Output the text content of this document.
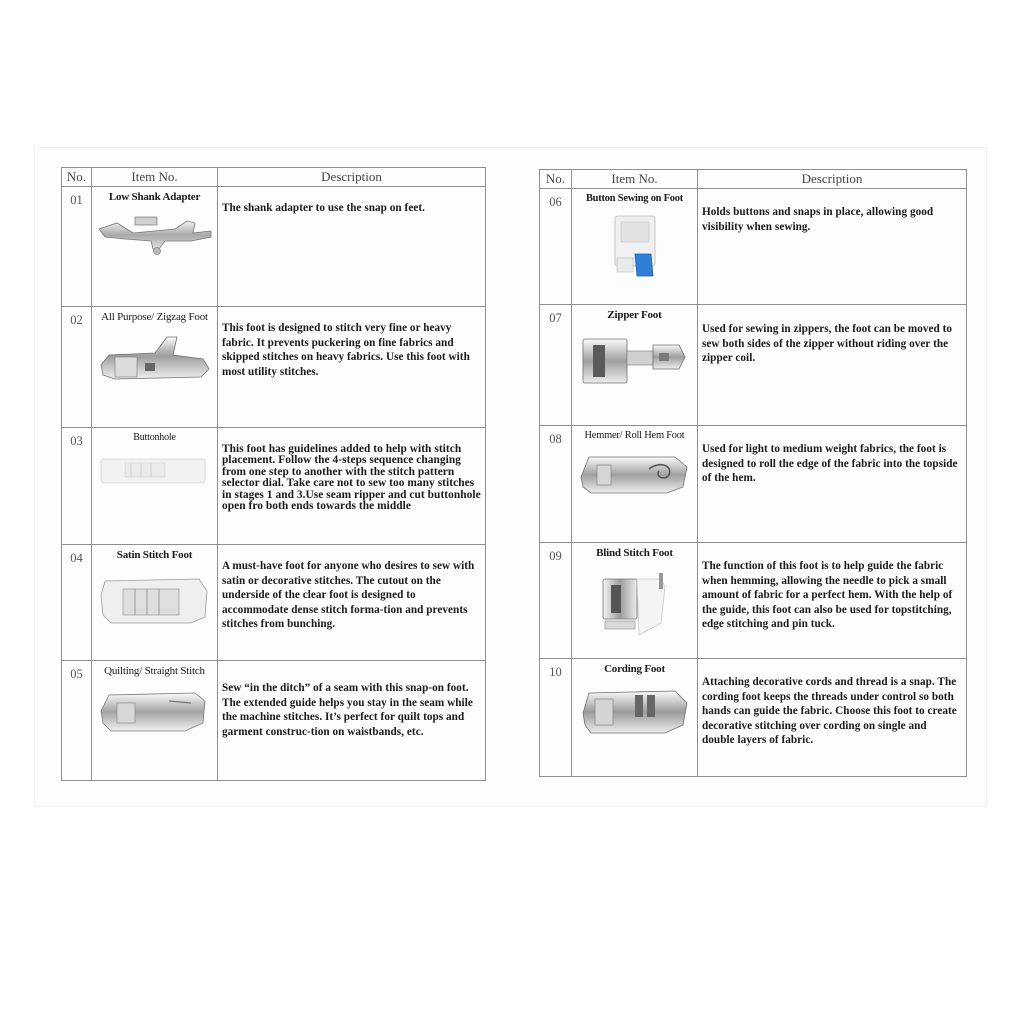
No.	Item No.	Description
01	Low Shank Adapter	The shank adapter to use the snap on feet.
02	All Purpose/ Zigzag Foot	This foot is designed to stitch very fine or heavy fabric. It prevents puckering on fine fabrics and skipped stitches on heavy fabrics. Use this foot with most utility stitches.
03	Buttonhole	This foot has guidelines added to help with stitch placement. Follow the 4-steps sequence changing from one step to another with the stitch pattern selector dial. Take care not to sew too many stitches in stages 1 and 3.Use seam ripper and cut buttonhole open fro both ends towards the middle
04	Satin Stitch Foot	A must-have foot for anyone who desires to sew with satin or decorative stitches. The cutout on the underside of the clear foot is designed to accommodate dense stitch forma-tion and prevents stitches from bunching.
05	Quilting/ Straight Stitch	Sew “in the ditch” of a seam with this snap-on foot. The extended guide helps you stay in the seam while the machine stitches. It’s perfect for quilt tops and garment construc-tion on waistbands, etc.
No.	Item No.	Description
06	Button Sewing on Foot	Holds buttons and snaps in place, allowing good visibility when sewing.
07	Zipper Foot	Used for sewing in zippers, the foot can be moved to sew both sides of the zipper without riding over the zipper coil.
08	Hemmer/ Roll Hem Foot	Used for light to medium weight fabrics, the foot is designed to roll the edge of the fabric into the topside of the hem.
09	Blind Stitch Foot	The function of this foot is to help guide the fabric when hemming, allowing the needle to pick a small amount of fabric for a perfect hem. With the help of the guide, this foot can also be used for topstitching, edge stitching and pin tuck.
10	Cording Foot	Attaching decorative cords and thread is a snap. The cording foot keeps the threads under control so both hands can guide the fabric. Choose this foot to create decorative stitching over cording on single and double layers of fabric.
